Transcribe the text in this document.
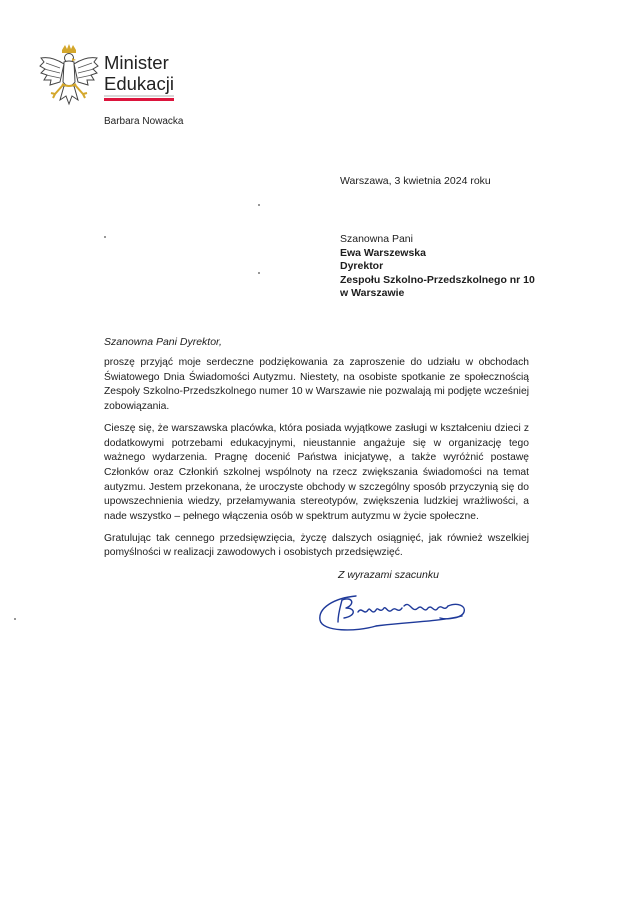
Minister
Edukacji
Barbara Nowacka
Warszawa, 3 kwietnia 2024 roku
Szanowna Pani
Ewa Warszewska
Dyrektor
Zespołu Szkolno-Przedszkolnego nr 10
w Warszawie
Szanowna Pani Dyrektor,

proszę przyjąć moje serdeczne podziękowania za zaproszenie do udziału w obchodach Światowego Dnia Świadomości Autyzmu. Niestety, na osobiste spotkanie ze społecznością Zespoły Szkolno-Przedszkolnego numer 10 w Warszawie nie pozwalają mi podjęte wcześniej zobowiązania.

Cieszę się, że warszawska placówka, która posiada wyjątkowe zasługi w kształceniu dzieci z dodatkowymi potrzebami edukacyjnymi, nieustannie angażuje się w organizację tego ważnego wydarzenia. Pragnę docenić Państwa inicjatywę, a także wyróżnić postawę Członków oraz Członkiń szkolnej wspólnoty na rzecz zwiększania świadomości na temat autyzmu. Jestem przekonana, że uroczyste obchody w szczególny sposób przyczynią się do upowszechnienia wiedzy, przełamywania stereotypów, zwiększenia ludzkiej wrażliwości, a nade wszystko – pełnego włączenia osób w spektrum autyzmu w życie społeczne.

Gratulując tak cennego przedsięwzięcia, życzę dalszych osiągnięć, jak również wszelkiej pomyślności w realizacji zawodowych i osobistych przedsięwzięć.

Z wyrazami szacunku
